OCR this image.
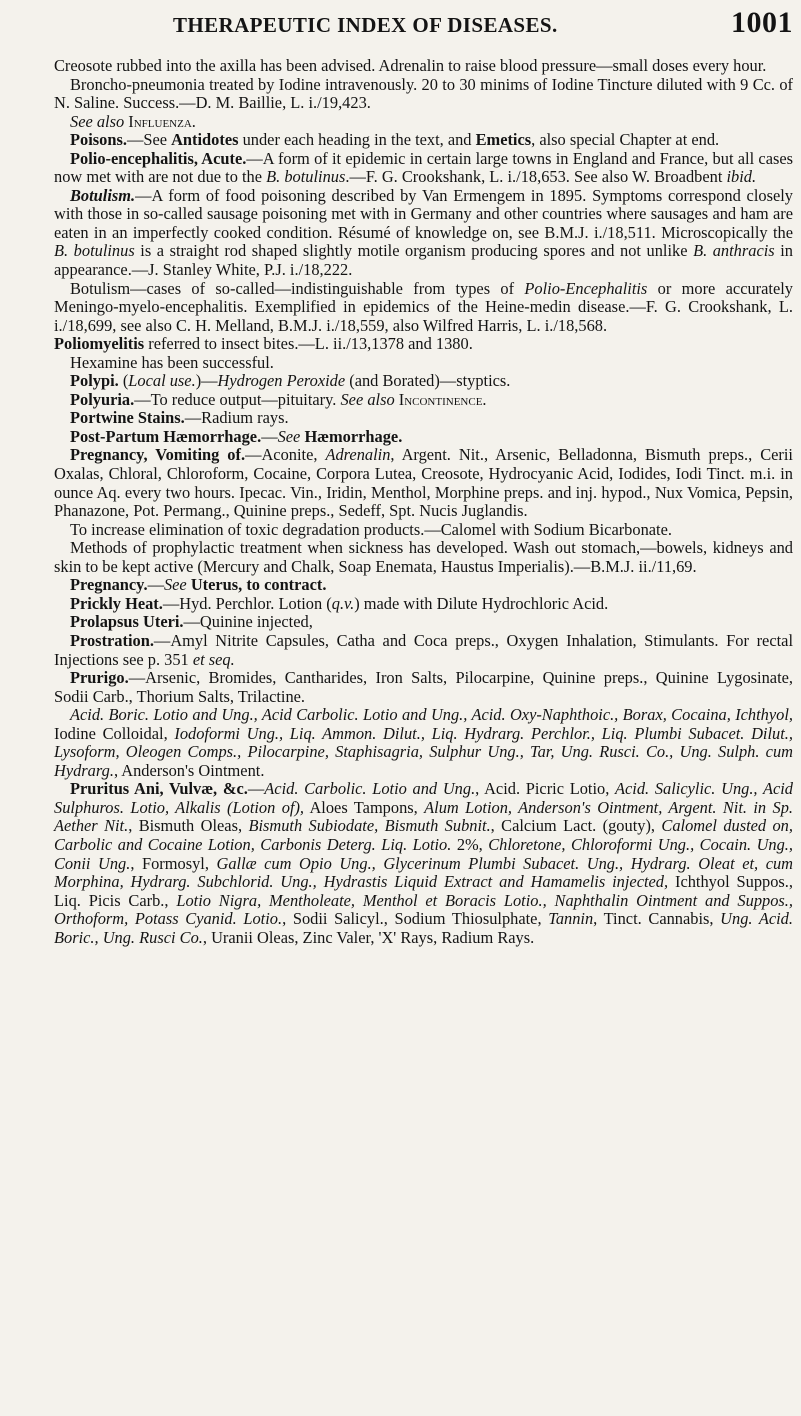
THERAPEUTIC INDEX OF DISEASES.	1001

Creosote rubbed into the axilla has been advised. Adrenalin to raise blood pressure—small doses every hour.

Broncho-pneumonia treated by Iodine intravenously. 20 to 30 minims of Iodine Tincture diluted with 9 Cc. of N. Saline. Success.—D. M. Baillie, L. i./19,423.

See also Influenza.

Poisons.—See Antidotes under each heading in the text, and Emetics, also special Chapter at end.

Polio-encephalitis, Acute.—A form of it epidemic in certain large towns in England and France, but all cases now met with are not due to the B. botulinus.—F. G. Crookshank, L. i./18,653. See also W. Broadbent ibid.

Botulism.—A form of food poisoning described by Van Ermengem in 1895. Symptoms correspond closely with those in so-called sausage poisoning met with in Germany and other countries where sausages and ham are eaten in an imperfectly cooked condition. Résumé of knowledge on, see B.M.J. i./18,511. Microscopically the B. botulinus is a straight rod shaped slightly motile organism producing spores and not unlike B. anthracis in appearance.—J. Stanley White, P.J. i./18,222.

Botulism—cases of so-called—indistinguishable from types of Polio-Encephalitis or more accurately Meningo-myelo-encephalitis. Exemplified in epidemics of the Heine-medin disease.—F. G. Crookshank, L. i./18,699, see also C. H. Melland, B.M.J. i./18,559, also Wilfred Harris, L. i./18,568.

Poliomyelitis referred to insect bites.—L. ii./13,1378 and 1380.

Hexamine has been successful.

Polypi. (Local use.)—Hydrogen Peroxide (and Borated)—styptics.

Polyuria.—To reduce output—pituitary. See also Incontinence.

Portwine Stains.—Radium rays.

Post-Partum Hæmorrhage.—See Hæmorrhage.

Pregnancy, Vomiting of.—Aconite, Adrenalin, Argent. Nit., Arsenic, Belladonna, Bismuth preps., Cerii Oxalas, Chloral, Chloroform, Cocaine, Corpora Lutea, Creosote, Hydrocyanic Acid, Iodides, Iodi Tinct. m.i. in ounce Aq. every two hours. Ipecac. Vin., Iridin, Menthol, Morphine preps. and inj. hypod., Nux Vomica, Pepsin, Phanazone, Pot. Permang., Quinine preps., Sedeff, Spt. Nucis Juglandis.

To increase elimination of toxic degradation products.—Calomel with Sodium Bicarbonate.

Methods of prophylactic treatment when sickness has developed. Wash out stomach,—bowels, kidneys and skin to be kept active (Mercury and Chalk, Soap Enemata, Haustus Imperialis).—B.M.J. ii./11,69.

Pregnancy.—See Uterus, to contract.

Prickly Heat.—Hyd. Perchlor. Lotion (q.v.) made with Dilute Hydrochloric Acid.

Prolapsus Uteri.—Quinine injected,

Prostration.—Amyl Nitrite Capsules, Catha and Coca preps., Oxygen Inhalation, Stimulants. For rectal Injections see p. 351 et seq.

Prurigo.—Arsenic, Bromides, Cantharides, Iron Salts, Pilocarpine, Quinine preps., Quinine Lygosinate, Sodii Carb., Thorium Salts, Trilactine.

Acid. Boric. Lotio and Ung., Acid Carbolic. Lotio and Ung., Acid. Oxy-Naphthoic., Borax, Cocaina, Ichthyol, Iodine Colloidal, Iodoformi Ung., Liq. Ammon. Dilut., Liq. Hydrarg. Perchlor., Liq. Plumbi Subacet. Dilut., Lysoform, Oleogen Comps., Pilocarpine, Staphisagria, Sulphur Ung., Tar, Ung. Rusci. Co., Ung. Sulph. cum Hydrarg., Anderson's Ointment.

Pruritus Ani, Vulvæ, &c.—Acid. Carbolic. Lotio and Ung., Acid. Picric Lotio, Acid. Salicylic. Ung., Acid Sulphuros. Lotio, Alkalis (Lotion of), Aloes Tampons, Alum Lotion, Anderson's Ointment, Argent. Nit. in Sp. Aether Nit., Bismuth Oleas, Bismuth Subiodate, Bismuth Subnit., Calcium Lact. (gouty), Calomel dusted on, Carbolic and Cocaine Lotion, Carbonis Deterg. Liq. Lotio. 2%, Chloretone, Chloroformi Ung., Cocain. Ung., Conii Ung., Formosyl, Gallæ cum Opio Ung., Glycerinum Plumbi Subacet. Ung., Hydrarg. Oleat et, cum Morphina, Hydrarg. Subchlorid. Ung., Hydrastis Liquid Extract and Hamamelis injected, Ichthyol Suppos., Liq. Picis Carb., Lotio Nigra, Mentholeate, Menthol et Boracis Lotio., Naphthalin Ointment and Suppos., Orthoform, Potass Cyanid. Lotio., Sodii Salicyl., Sodium Thiosulphate, Tannin, Tinct. Cannabis, Ung. Acid. Boric., Ung. Rusci Co., Uranii Oleas, Zinc Valer, 'X' Rays, Radium Rays.
